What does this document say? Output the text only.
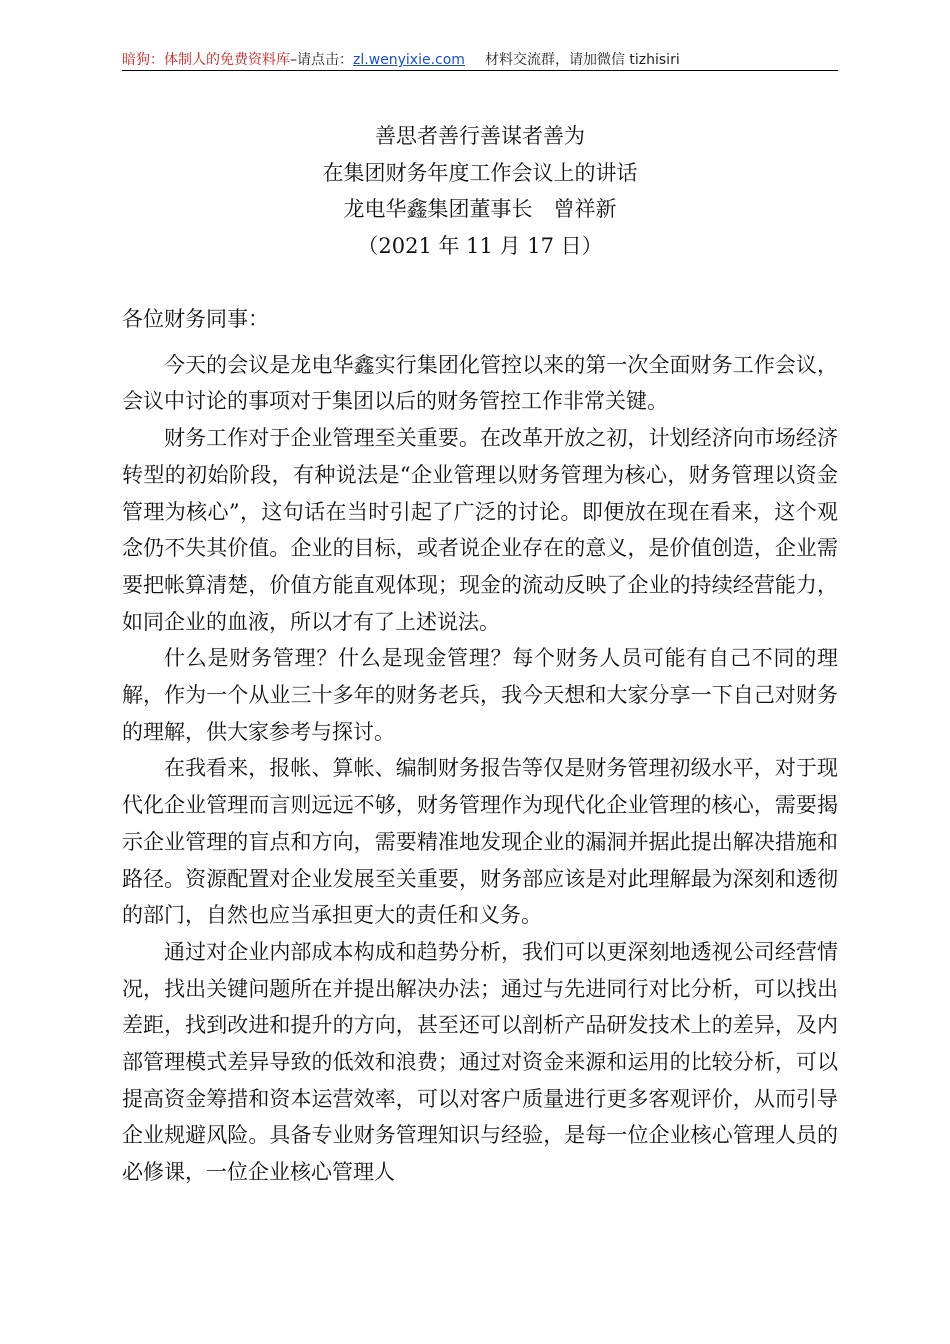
暗狗：体制人的免费资料库–请点击：zl.wenyixie.com 材料交流群，请加微信 tizhisiri
善思者善行善谋者善为
在集团财务年度工作会议上的讲话
龙电华鑫集团董事长　曾祥新
（2021 年 11 月 17 日）

各位财务同事：

今天的会议是龙电华鑫实行集团化管控以来的第一次全面财务工作会议，会议中讨论的事项对于集团以后的财务管控工作非常关键。

财务工作对于企业管理至关重要。在改革开放之初，计划经济向市场经济转型的初始阶段，有种说法是“企业管理以财务管理为核心，财务管理以资金管理为核心”，这句话在当时引起了广泛的讨论。即便放在现在看来，这个观念仍不失其价值。企业的目标，或者说企业存在的意义，是价值创造，企业需要把帐算清楚，价值方能直观体现；现金的流动反映了企业的持续经营能力，如同企业的血液，所以才有了上述说法。

什么是财务管理？什么是现金管理？每个财务人员可能有自己不同的理解，作为一个从业三十多年的财务老兵，我今天想和大家分享一下自己对财务的理解，供大家参考与探讨。

在我看来，报帐、算帐、编制财务报告等仅是财务管理初级水平，对于现代化企业管理而言则远远不够，财务管理作为现代化企业管理的核心，需要揭示企业管理的盲点和方向，需要精准地发现企业的漏洞并据此提出解决措施和路径。资源配置对企业发展至关重要，财务部应该是对此理解最为深刻和透彻的部门，自然也应当承担更大的责任和义务。

通过对企业内部成本构成和趋势分析，我们可以更深刻地透视公司经营情况，找出关键问题所在并提出解决办法；通过与先进同行对比分析，可以找出差距，找到改进和提升的方向，甚至还可以剖析产品研发技术上的差异，及内部管理模式差异导致的低效和浪费；通过对资金来源和运用的比较分析，可以提高资金筹措和资本运营效率，可以对客户质量进行更多客观评价，从而引导企业规避风险。具备专业财务管理知识与经验，是每一位企业核心管理人员的必修课，一位企业核心管理人
